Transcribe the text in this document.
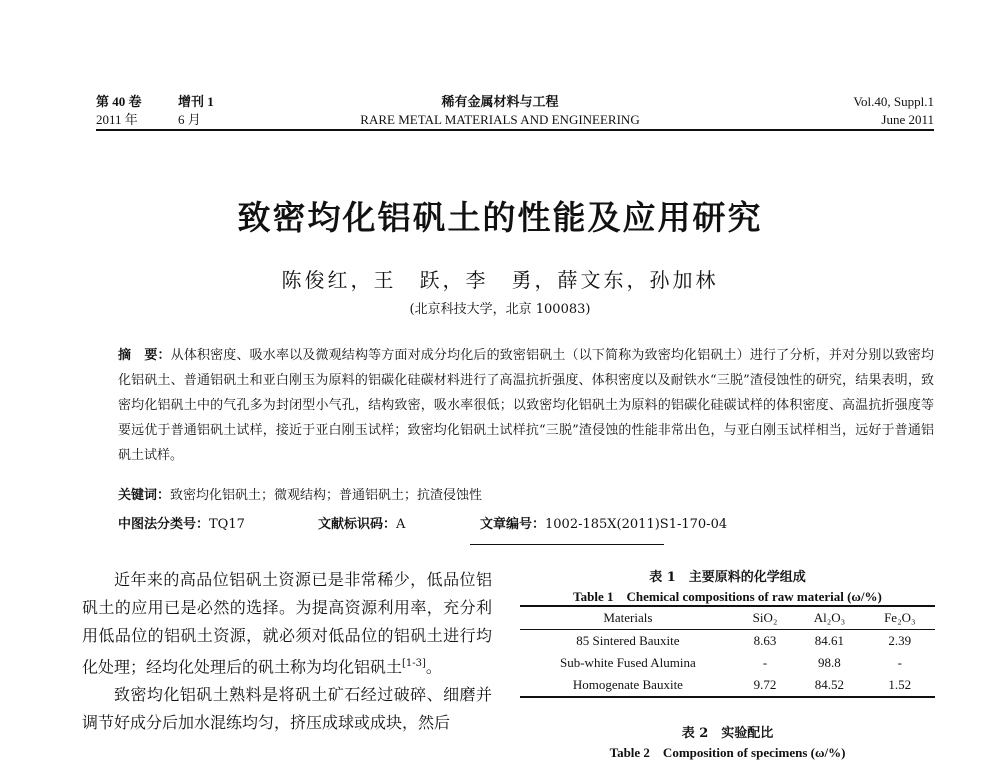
第 40 卷	增刊 1
2011 年	6 月
稀有金属材料与工程
RARE METAL MATERIALS AND ENGINEERING
Vol.40, Suppl.1
June 2011
致密均化铝矾土的性能及应用研究
陈俊红，王　跃，李　勇，薛文东，孙加林
(北京科技大学，北京 100083)
摘　要：从体积密度、吸水率以及微观结构等方面对成分均化后的致密铝矾土（以下简称为致密均化铝矾土）进行了分析，并对分别以致密均化铝矾土、普通铝矾土和亚白刚玉为原料的铝碳化硅碳材料进行了高温抗折强度、体积密度以及耐铁水“三脱”渣侵蚀性的研究，结果表明，致密均化铝矾土中的气孔多为封闭型小气孔，结构致密，吸水率很低；以致密均化铝矾土为原料的铝碳化硅碳试样的体积密度、高温抗折强度等要远优于普通铝矾土试样，接近于亚白刚玉试样；致密均化铝矾土试样抗“三脱”渣侵蚀的性能非常出色，与亚白刚玉试样相当，远好于普通铝矾土试样。
关键词：致密均化铝矾土；微观结构；普通铝矾土；抗渣侵蚀性
中图法分类号：TQ17	文献标识码：A	文章编号：1002-185X(2011)S1-170-04

近年来的高品位铝矾土资源已是非常稀少，低品位铝矾土的应用已是必然的选择。为提高资源利用率，充分利用低品位的铝矾土资源，就必须对低品位的铝矾土进行均化处理；经均化处理后的矾土称为均化铝矾土[1-3]。

致密均化铝矾土熟料是将矾土矿石经过破碎、细磨并调节好成分后加水混练均匀，挤压成球或成块，然后

表 1　主要原料的化学组成
Table 1　Chemical compositions of raw material (ω/%)
Materials	SiO₂	Al₂O₃	Fe₂O₃
85 Sintered Bauxite	8.63	84.61	2.39
Sub-white Fused Alumina	-	98.8	-
Homogenate Bauxite	9.72	84.52	1.52
表 2　实验配比
Table 2　Composition of specimens (ω/%)
